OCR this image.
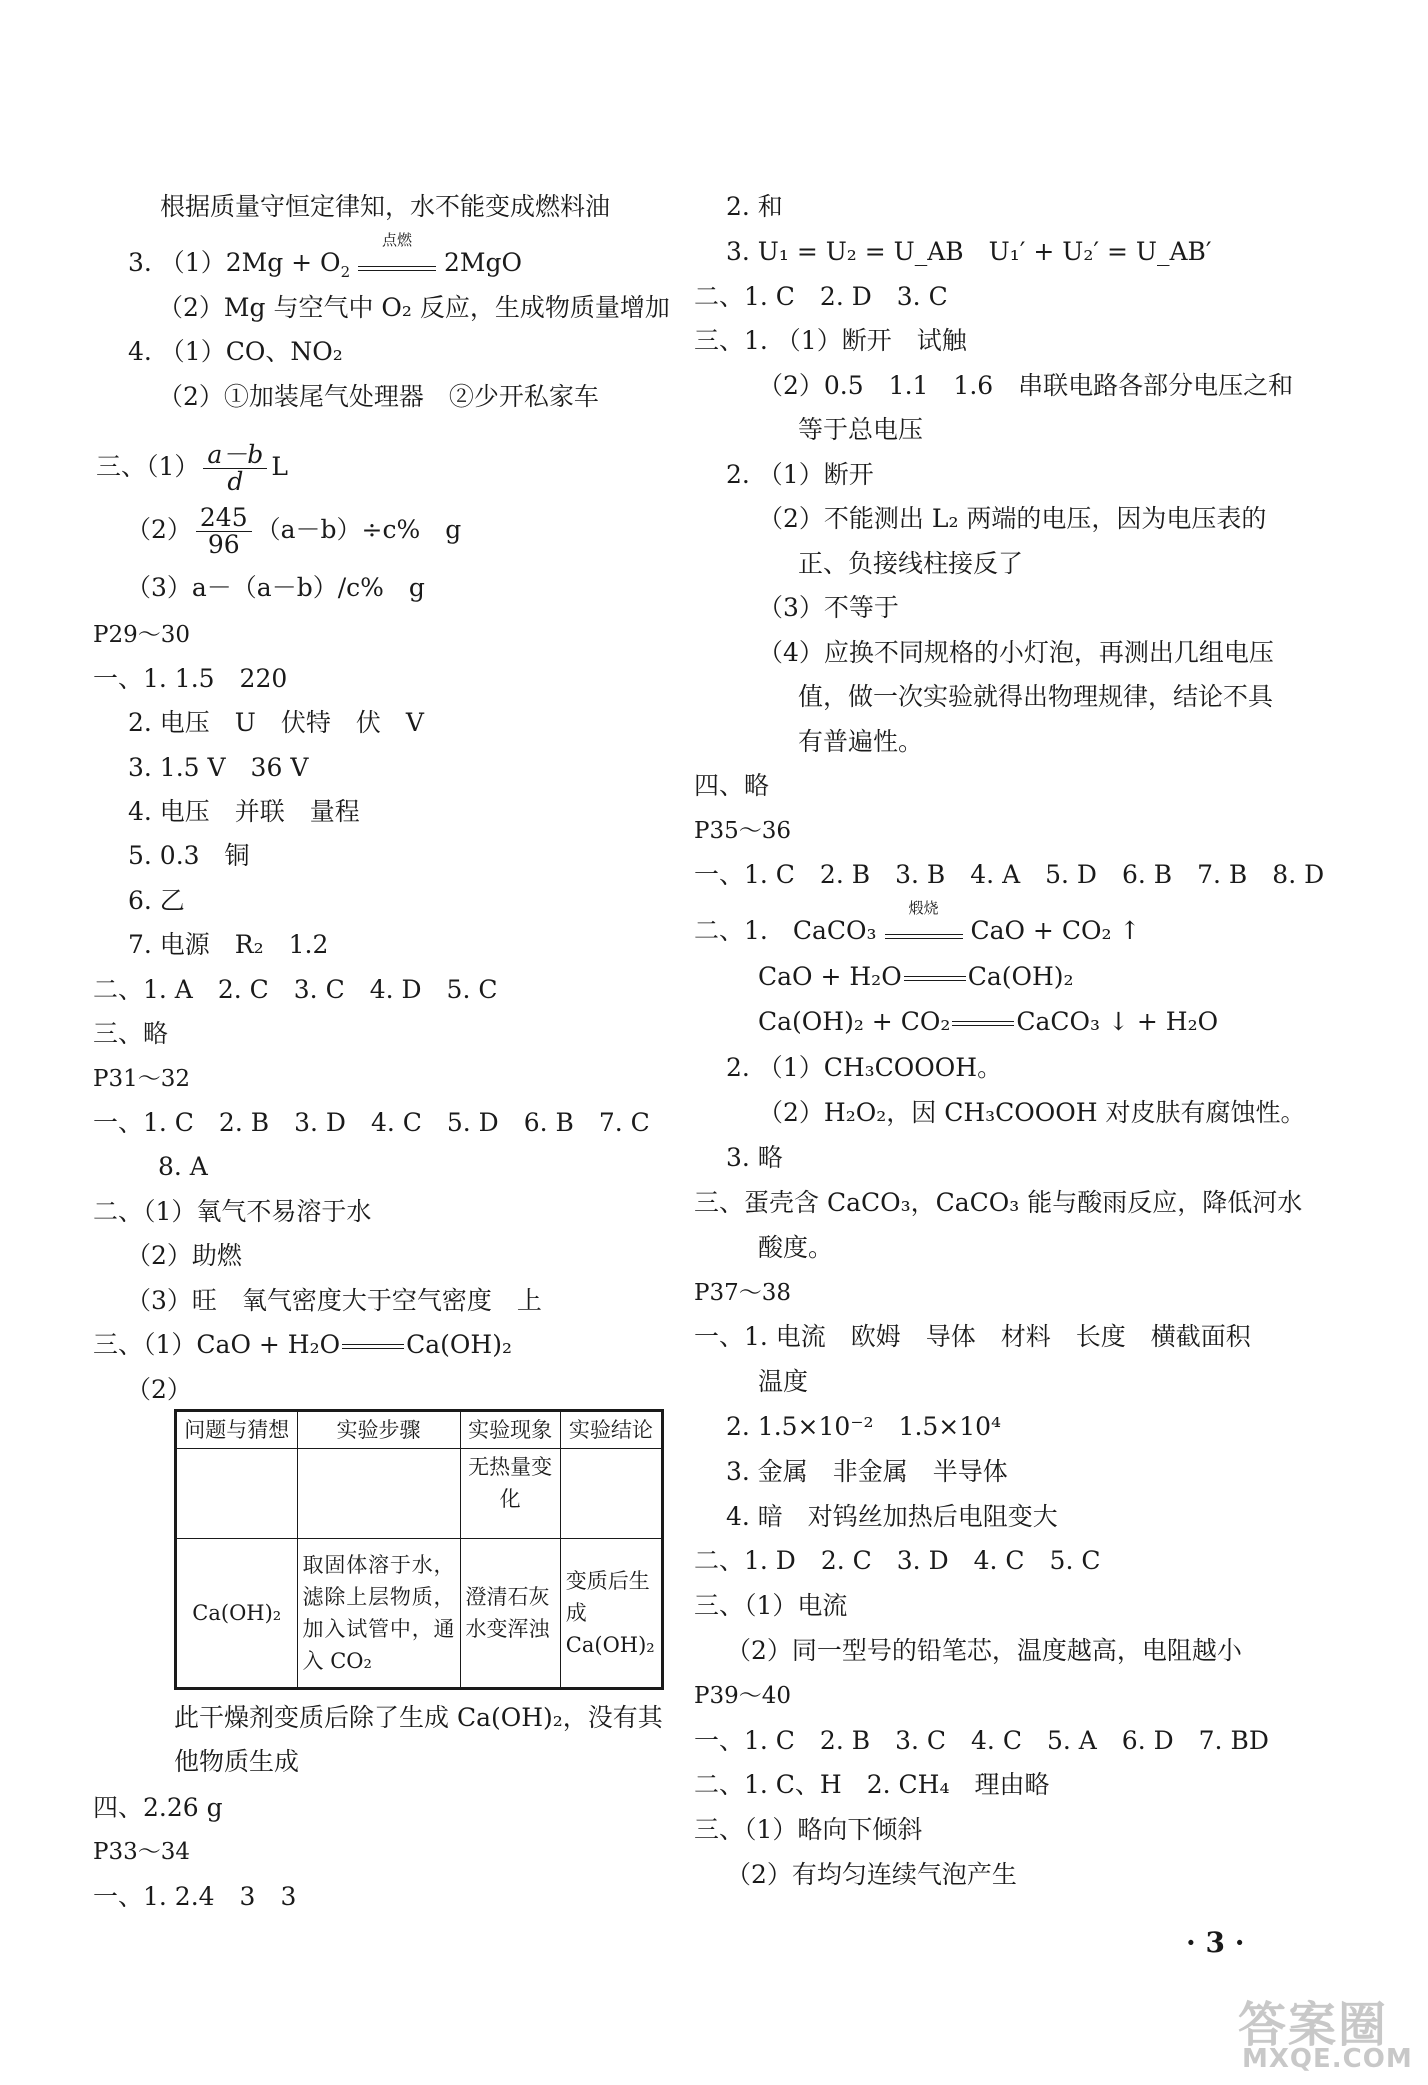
根据质量守恒定律知，水不能变成燃料油
3. $(1)2Mg + O_2$
点燃
2MgO
（2）Mg 与空气中 O₂ 反应，生成物质量增加
4. （1）CO、NO₂
（2）①加装尾气处理器　②少开私家车
三、$(1) \frac{a-b}{d}$ L
$(2) \frac{245}{96} (a-b)\div c\%$　g
（3）a－（a－b）/c%　g
P29～30
一、1. 1.5　220
2. 电压　U　伏特　伏　V
3. 1.5 V　36 V
4. 电压　并联　量程
5. 0.3　铜
6. 乙
7. 电源　R₂　1.2
二、1. A　2. C　3. C　4. D　5. C
三、略
P31～32
一、1. C　2. B　3. D　4. C　5. D　6. B　7. C
8. A
二、（1）氧气不易溶于水
（2）助燃
（3）旺　氧气密度大于空气密度　上
三、（1）CaO + H₂O	Ca(OH)₂
（2）
问题与猜想	实验步骤	实验现象	实验结论
		无热量变化	
Ca(OH)₂	取固体溶于水，滤除上层物质，加入试管中，通入 CO₂	澄清石灰水变浑浊	变质后生成 Ca(OH)₂
此干燥剂变质后除了生成 Ca(OH)₂，没有其
他物质生成
四、2.26 g
P33～34
一、1. 2.4　3　3
2. 和
3. U₁ = U₂ = U_AB　U₁′ + U₂′ = U_AB′
二、1. C　2. D　3. C
三、1. （1）断开　试触
（2）0.5　1.1　1.6　串联电路各部分电压之和
等于总电压
2. （1）断开
（2）不能测出 L₂ 两端的电压，因为电压表的
正、负接线柱接反了
（3）不等于
（4）应换不同规格的小灯泡，再测出几组电压
值，做一次实验就得出物理规律，结论不具
有普遍性。
四、略
P35～36
一、1. C　2. B　3. B　4. A　5. D　6. B　7. B　8. D
二、1.　CaCO₃
煅烧
CaO + CO₂ ↑
CaO + H₂O	Ca(OH)₂
Ca(OH)₂ + CO₂	CaCO₃ ↓ + H₂O
2. （1）CH₃COOOH。
（2）H₂O₂，因 CH₃COOOH 对皮肤有腐蚀性。
3. 略
三、蛋壳含 CaCO₃，CaCO₃ 能与酸雨反应，降低河水
酸度。
P37～38
一、1. 电流　欧姆　导体　材料　长度　横截面积
温度
2. 1.5×10⁻²　1.5×10⁴
3. 金属　非金属　半导体
4. 暗　对钨丝加热后电阻变大
二、1. D　2. C　3. D　4. C　5. C
三、（1）电流
（2）同一型号的铅笔芯，温度越高，电阻越小
P39～40
一、1. C　2. B　3. C　4. C　5. A　6. D　7. BD
二、1. C、H　2. CH₄　理由略
三、（1）略向下倾斜
（2）有均匀连续气泡产生
· 3 ·
答案圈
MXQE.COM
